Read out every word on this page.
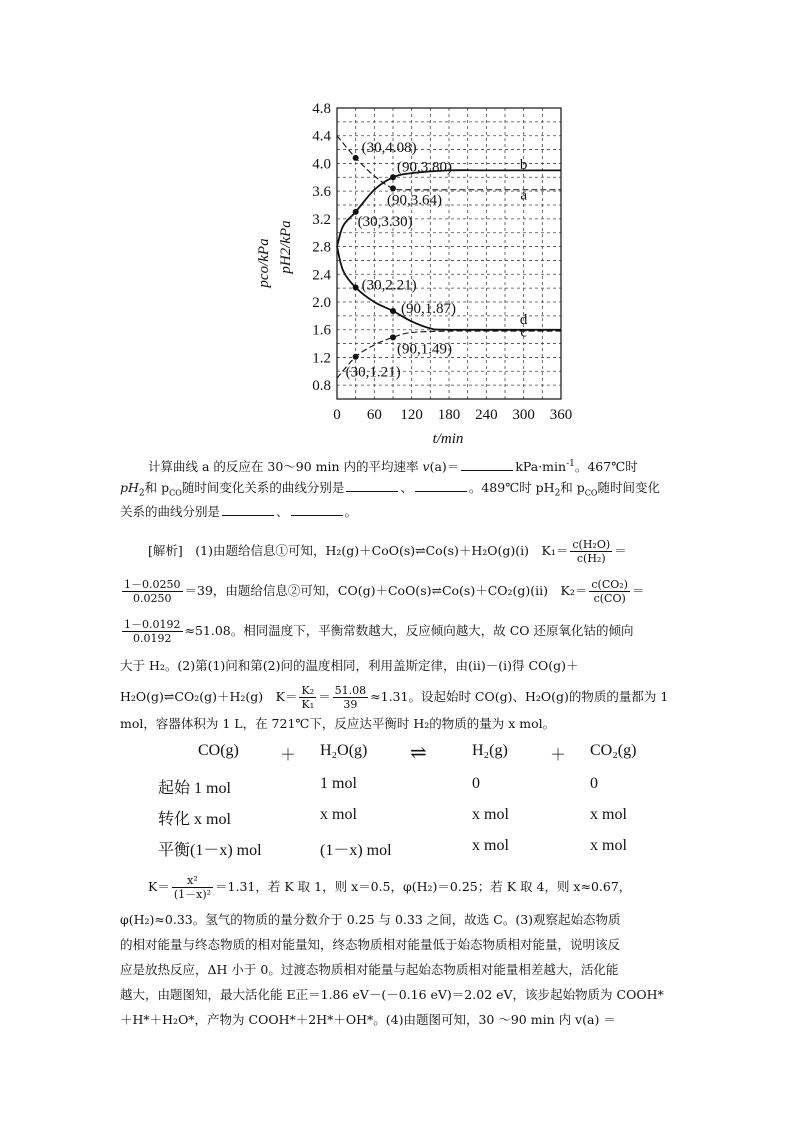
a
b
c
d
0.8
1.2
1.6
2.0
2.4
2.8
3.2
3.6
4.0
4.4
4.8
0 60 120 180 240 300 360
(30,4.08)
(90,3.80)
(90,3.64)
(30,3.30)
(30,2.21)
(90,1.87)
(90,1.49)
(30,1.21)
pco/kPa pH2/kPa
t/min
计算曲线 a 的反应在 30～90 min 内的平均速率 v(a)＝	$kPa\cdot\min^{-1}$。467℃时
$pH_2$和 $p_{CO}$随时间变化关系的曲线分别是	、	。489℃时 $pH_2$和 $p_{CO}$随时间变化
关系的曲线分别是	、	。
[解析]　(1)由题给信息①可知，H₂(g)＋CoO(s)⇌Co(s)＋H₂O(g)(ⅰ)　$K_1= \frac{\text{c(H₂O)}}{\text{c(H₂)}}$ ＝
$\frac{1-0.0250}{0.0250} =39$，由题给信息②可知，CO(g)＋CoO(s)⇌Co(s)＋CO₂(g)(ⅱ)　$K_2= \frac{\text{c(CO₂)}}{c(CO)}$ ＝
$\frac{1-0.0192}{0.0192} \approx 51.08$。相同温度下，平衡常数越大，反应倾向越大，故 CO 还原氧化钴的倾向
大于 H₂。(2)第(1)问和第(2)问的温度相同，利用盖斯定律，由(ⅱ)－(ⅰ)得 CO(g)＋
H₂O(g)⇌CO₂(g)＋H₂(g)　$K= \frac{\text{K₂}}{\text{K₁}} = \frac{51.08}{39} \approx 1.31$。设起始时 CO(g)、H₂O(g)的物质的量都为 1
mol，容器体积为 1 L，在 721℃下，反应达平衡时 H₂的物质的量为 x mol。
CO(g)	＋ H₂O(g) ⇌	H₂(g)	＋ CO₂(g)
起始 1 mol	1 mol	0	0
转化 x mol	x mol	x mol	x mol
平衡(1－x) mol	(1－x) mol	x mol	x mol
$K= \frac{\text{x²}}{\text{(1－x)²}} =1.31$，若 K 取 1，则 x＝0.5，φ(H₂)＝0.25；若 K 取 4，则 x≈0.67，
φ(H₂)≈0.33。氢气的物质的量分数介于 0.25 与 0.33 之间，故选 C。(3)观察起始态物质
的相对能量与终态物质的相对能量知，终态物质相对能量低于始态物质相对能量，说明该反
应是放热反应，ΔH 小于 0。过渡态物质相对能量与起始态物质相对能量相差越大，活化能
越大，由题图知，最大活化能 E正＝1.86 eV－(－0.16 eV)＝2.02 eV，该步起始物质为 COOH*
＋H*＋H₂O*，产物为 COOH*＋2H*＋OH*。(4)由题图可知，30 ～90 min 内 v(a) ＝
